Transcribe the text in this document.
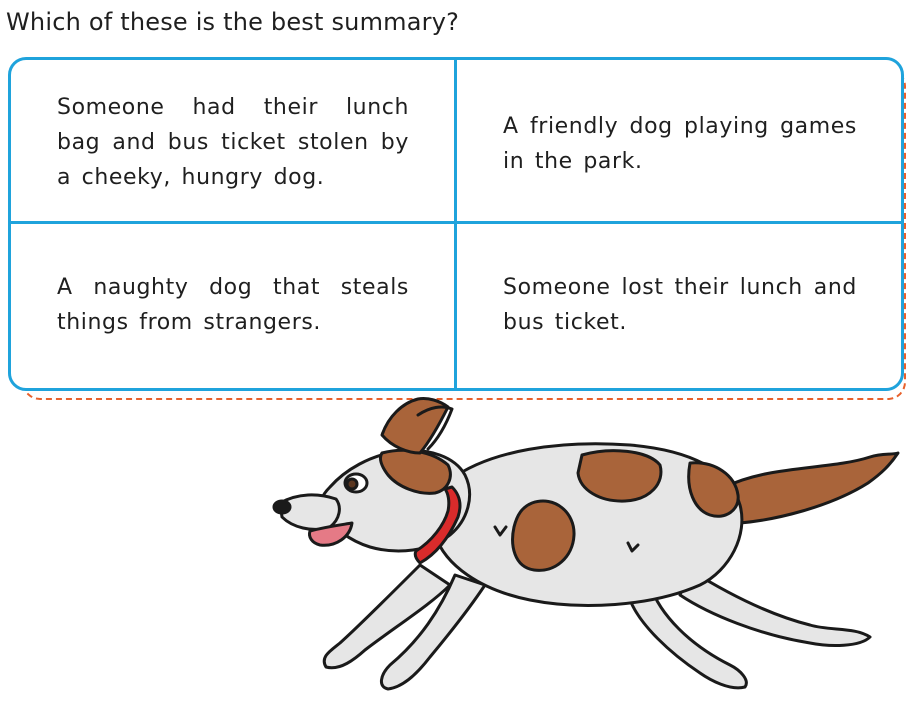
Which of these is the best summary?
Someone had their lunch bag and bus ticket stolen by a cheeky, hungry dog.
A friendly dog playing games in the park.
A naughty dog that steals things from strangers.
Someone lost their lunch and bus ticket.
